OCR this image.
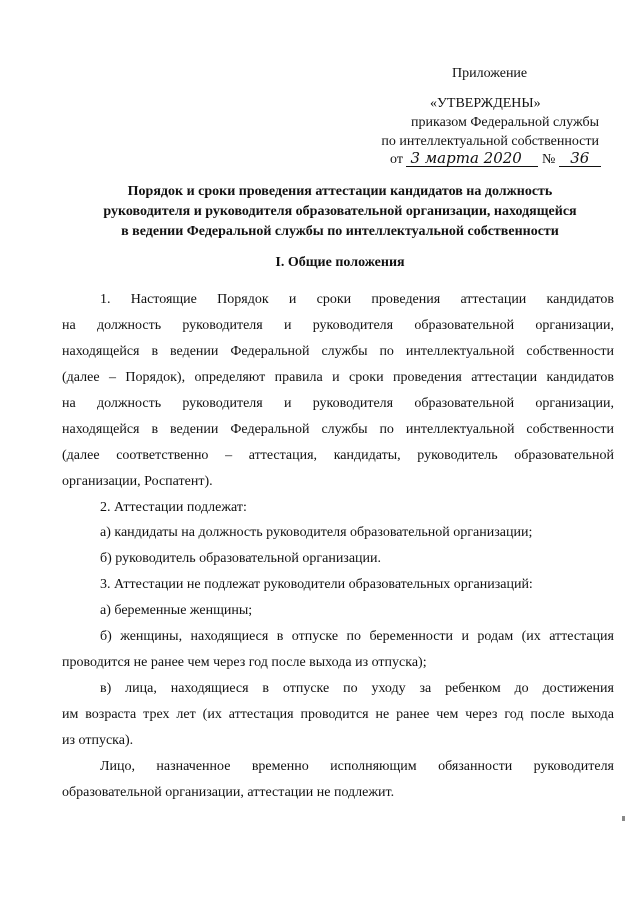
Приложение
«УТВЕРЖДЕНЫ»
приказом Федеральной службы
по интеллектуальной собственности
от 3 марта 2020 № 36
Порядок и сроки проведения аттестации кандидатов на должность
руководителя и руководителя образовательной организации, находящейся
в ведении Федеральной службы по интеллектуальной собственности
I. Общие положения
1. Настоящие Порядок и сроки проведения аттестации кандидатов
на должность руководителя и руководителя образовательной организации,
находящейся в ведении Федеральной службы по интеллектуальной собственности
(далее – Порядок), определяют правила и сроки проведения аттестации кандидатов
на должность руководителя и руководителя образовательной организации,
находящейся в ведении Федеральной службы по интеллектуальной собственности
(далее соответственно – аттестация, кандидаты, руководитель образовательной
организации, Роспатент).
2. Аттестации подлежат:
а) кандидаты на должность руководителя образовательной организации;
б) руководитель образовательной организации.
3. Аттестации не подлежат руководители образовательных организаций:
а) беременные женщины;
б) женщины, находящиеся в отпуске по беременности и родам (их аттестация
проводится не ранее чем через год после выхода из отпуска);
в) лица, находящиеся в отпуске по уходу за ребенком до достижения
им возраста трех лет (их аттестация проводится не ранее чем через год после выхода
из отпуска).
Лицо, назначенное временно исполняющим обязанности руководителя
образовательной организации, аттестации не подлежит.
